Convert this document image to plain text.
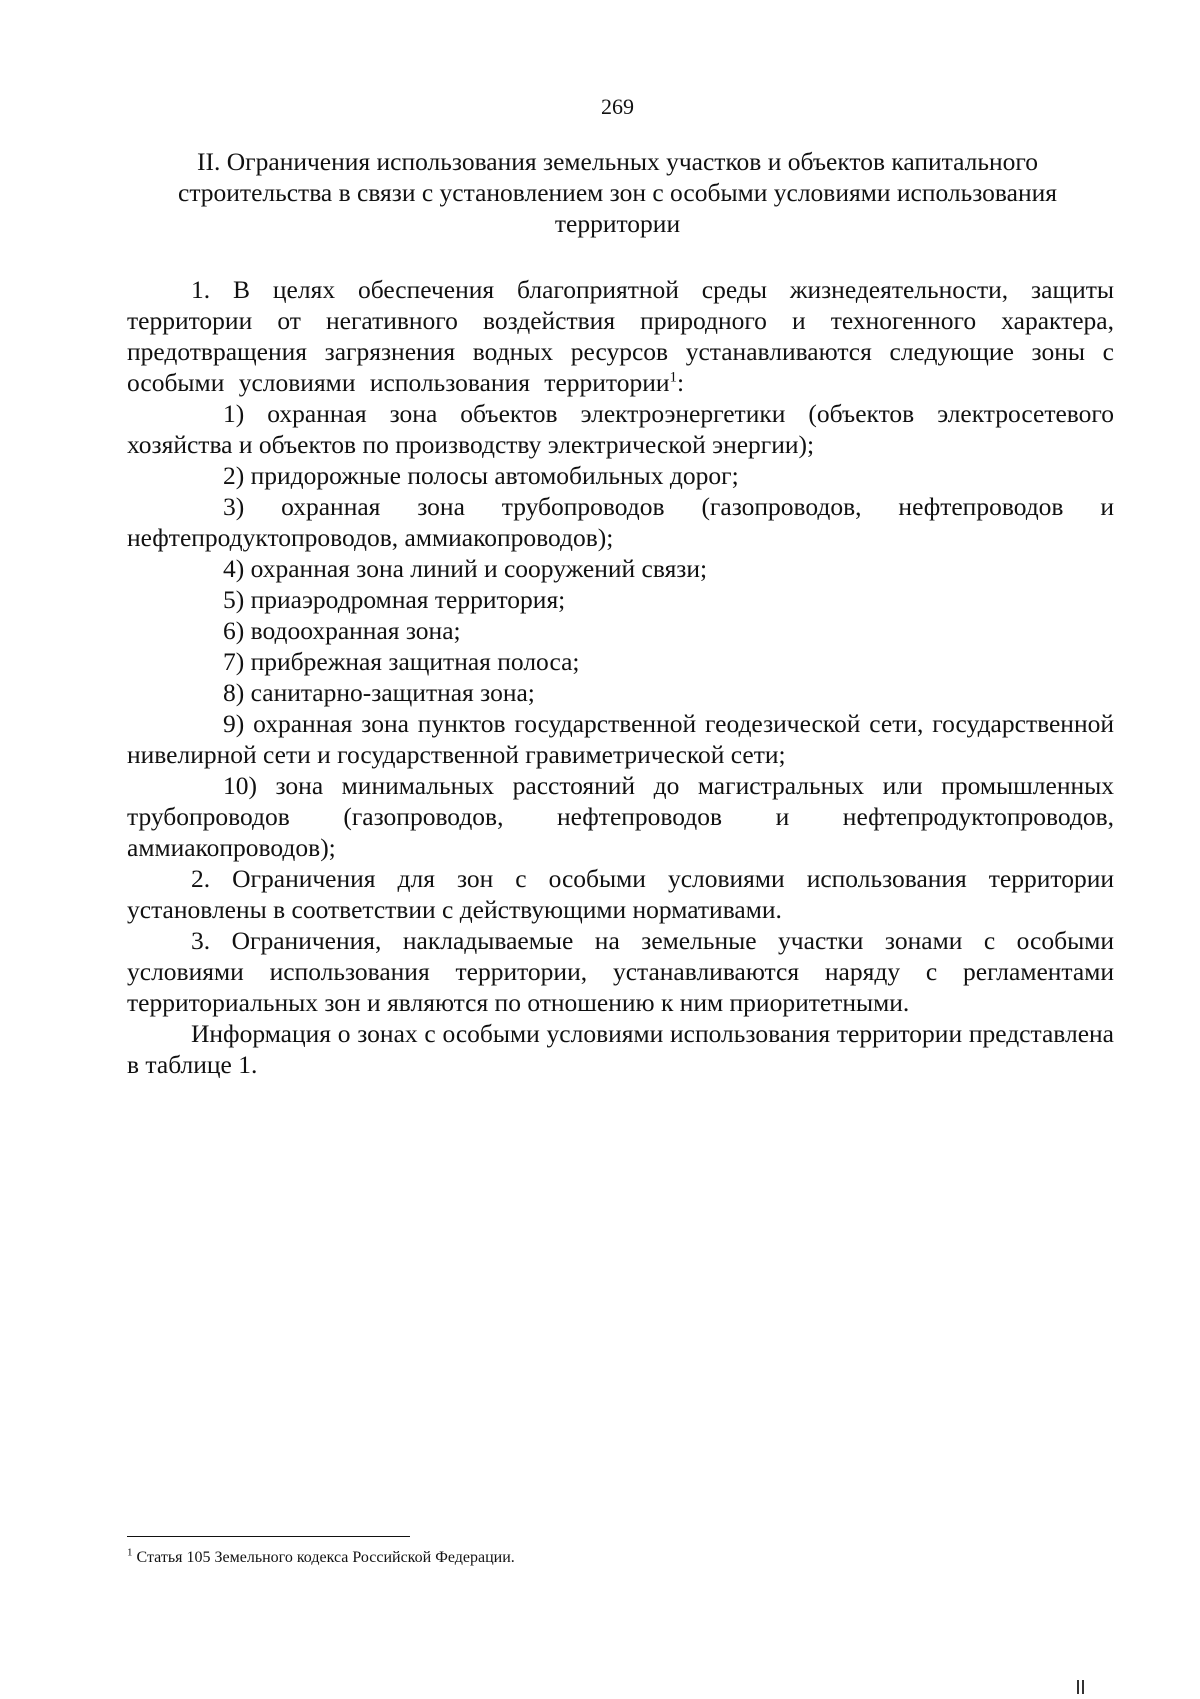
269
II. Ограничения использования земельных участков и объектов капитального строительства в связи с установлением зон с особыми условиями использования территории

1. В целях обеспечения благоприятной среды жизнедеятельности, защиты территории от негативного воздействия природного и техногенного характера, предотвращения загрязнения водных ресурсов устанавливаются следующие зоны с особыми условиями использования территории$^1$:

1) охранная зона объектов электроэнергетики (объектов электросетевого хозяйства и объектов по производству электрической энергии);

2) придорожные полосы автомобильных дорог;

3) охранная зона трубопроводов (газопроводов, нефтепроводов и нефтепродуктопроводов, аммиакопроводов);

4) охранная зона линий и сооружений связи;

5) приаэродромная территория;

6) водоохранная зона;

7) прибрежная защитная полоса;

8) санитарно-защитная зона;

9) охранная зона пунктов государственной геодезической сети, государственной нивелирной сети и государственной гравиметрической сети;

10) зона минимальных расстояний до магистральных или промышленных трубопроводов (газопроводов, нефтепроводов и нефтепродуктопроводов, аммиакопроводов);

2. Ограничения для зон с особыми условиями использования территории установлены в соответствии с действующими нормативами.

3. Ограничения, накладываемые на земельные участки зонами с особыми условиями использования территории, устанавливаются наряду с регламентами территориальных зон и являются по отношению к ним приоритетными.

Информация о зонах с особыми условиями использования территории представлена в таблице 1.

$^1$ Статья 105 Земельного кодекса Российской Федерации.
